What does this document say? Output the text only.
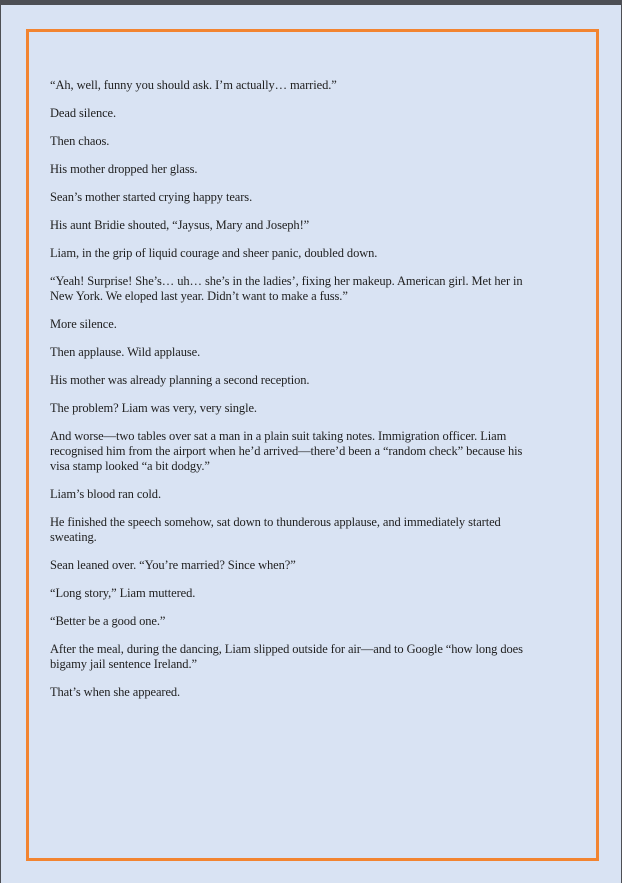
“Ah, well, funny you should ask. I’m actually… married.”

Dead silence.

Then chaos.

His mother dropped her glass.

Sean’s mother started crying happy tears.

His aunt Bridie shouted, “Jaysus, Mary and Joseph!”

Liam, in the grip of liquid courage and sheer panic, doubled down.

“Yeah! Surprise! She’s… uh… she’s in the ladies’, fixing her makeup. American girl. Met her in New York. We eloped last year. Didn’t want to make a fuss.”

More silence.

Then applause. Wild applause.

His mother was already planning a second reception.

The problem? Liam was very, very single.

And worse—two tables over sat a man in a plain suit taking notes. Immigration officer. Liam recognised him from the airport when he’d arrived—there’d been a “random check” because his visa stamp looked “a bit dodgy.”

Liam’s blood ran cold.

He finished the speech somehow, sat down to thunderous applause, and immediately started sweating.

Sean leaned over. “You’re married? Since when?”

“Long story,” Liam muttered.

“Better be a good one.”

After the meal, during the dancing, Liam slipped outside for air—and to Google “how long does bigamy jail sentence Ireland.”

That’s when she appeared.
